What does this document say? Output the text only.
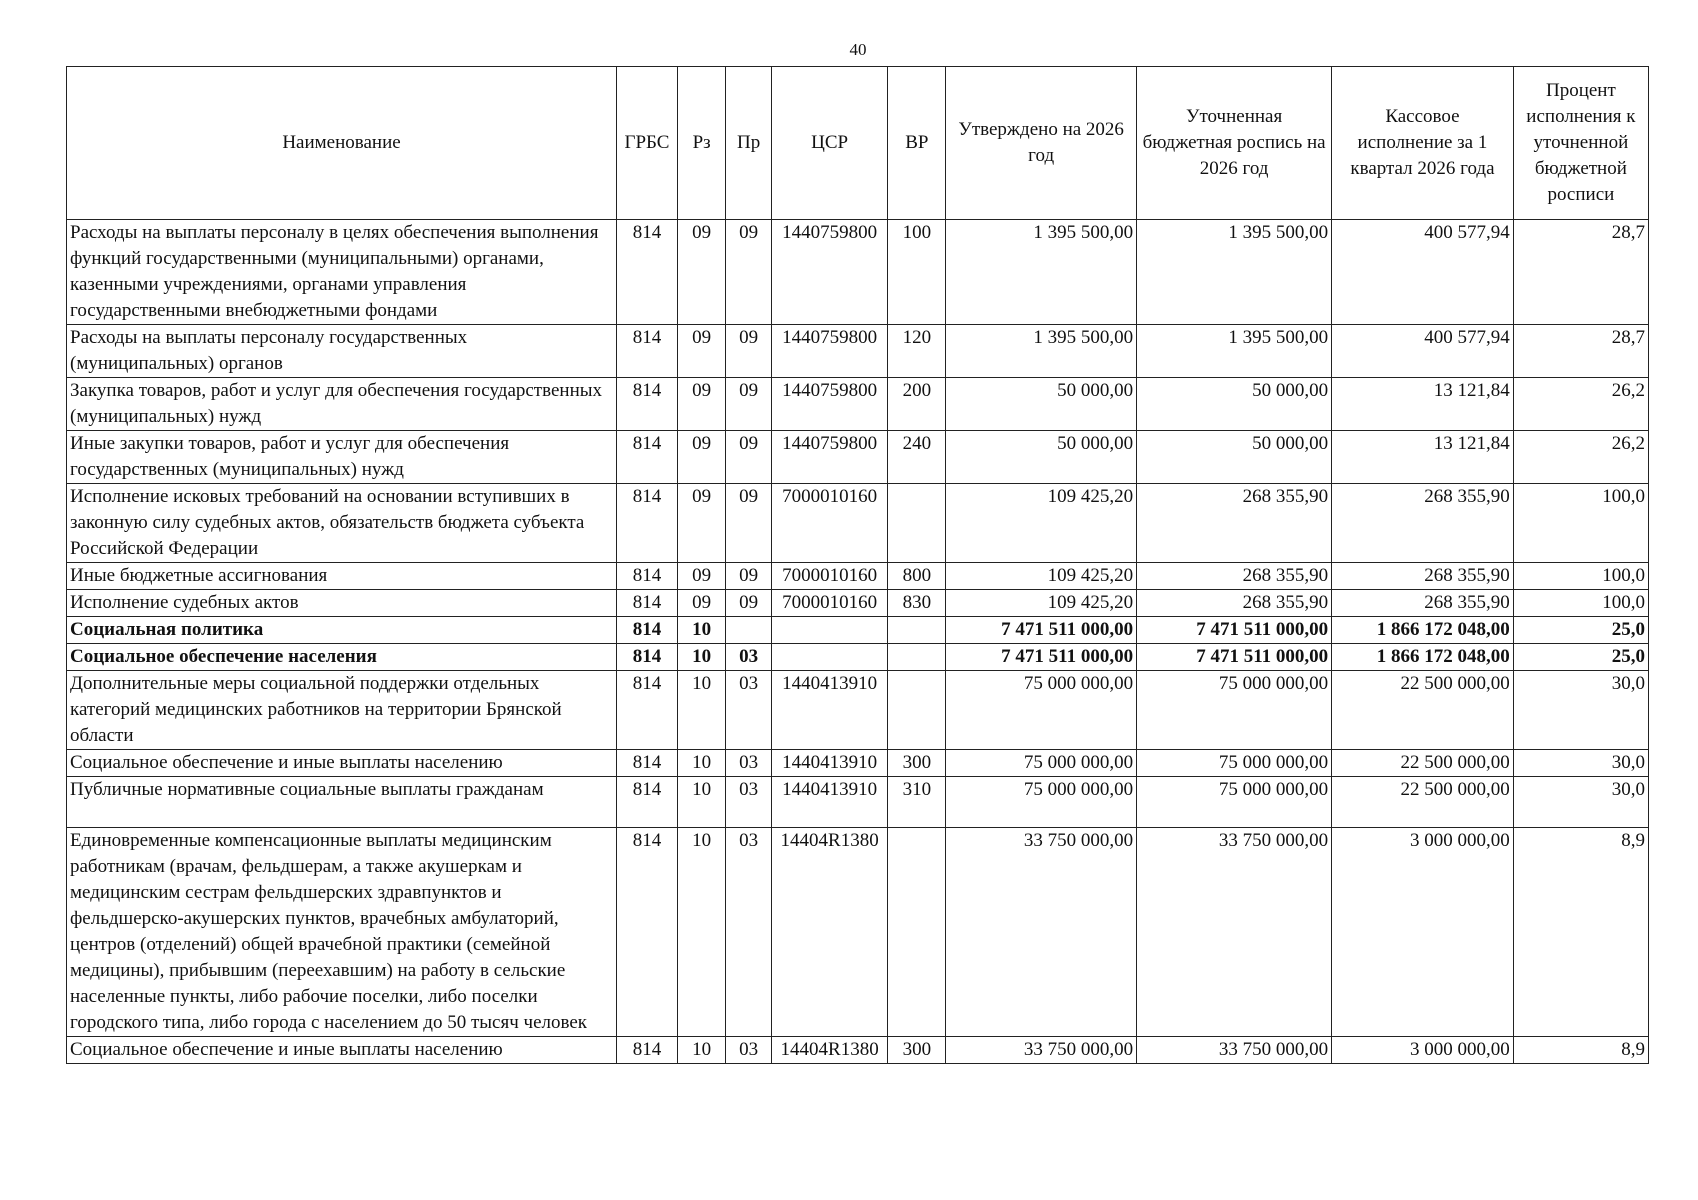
40
Наименование	ГРБС	Рз	Пр	ЦСР	ВР	Утверждено на 2026 год	Уточненная бюджетная роспись на 2026 год	Кассовое исполнение за 1 квартал 2026 года	Процент исполнения к уточненной бюджетной росписи
Расходы на выплаты персоналу в целях обеспечения выполнения функций государственными (муниципальными) органами, казенными учреждениями, органами управления государственными внебюджетными фондами	814	09	09	1440759800	100	1 395 500,00	1 395 500,00	400 577,94	28,7
Расходы на выплаты персоналу государственных (муниципальных) органов	814	09	09	1440759800	120	1 395 500,00	1 395 500,00	400 577,94	28,7
Закупка товаров, работ и услуг для обеспечения государственных (муниципальных) нужд	814	09	09	1440759800	200	50 000,00	50 000,00	13 121,84	26,2
Иные закупки товаров, работ и услуг для обеспечения государственных (муниципальных) нужд	814	09	09	1440759800	240	50 000,00	50 000,00	13 121,84	26,2
Исполнение исковых требований на основании вступивших в законную силу судебных актов, обязательств бюджета субъекта Российской Федерации	814	09	09	7000010160		109 425,20	268 355,90	268 355,90	100,0
Иные бюджетные ассигнования	814	09	09	7000010160	800	109 425,20	268 355,90	268 355,90	100,0
Исполнение судебных актов	814	09	09	7000010160	830	109 425,20	268 355,90	268 355,90	100,0
Социальная политика	814	10				7 471 511 000,00	7 471 511 000,00	1 866 172 048,00	25,0
Социальное обеспечение населения	814	10	03			7 471 511 000,00	7 471 511 000,00	1 866 172 048,00	25,0
Дополнительные меры социальной поддержки отдельных категорий медицинских работников на территории Брянской области	814	10	03	1440413910		75 000 000,00	75 000 000,00	22 500 000,00	30,0
Социальное обеспечение и иные выплаты населению	814	10	03	1440413910	300	75 000 000,00	75 000 000,00	22 500 000,00	30,0
Публичные нормативные социальные выплаты гражданам	814	10	03	1440413910	310	75 000 000,00	75 000 000,00	22 500 000,00	30,0
Единовременные компенсационные выплаты медицинским работникам (врачам, фельдшерам, а также акушеркам и медицинским сестрам фельдшерских здравпунктов и фельдшерско-акушерских пунктов, врачебных амбулаторий, центров (отделений) общей врачебной практики (семейной медицины), прибывшим (переехавшим) на работу в сельские населенные пункты, либо рабочие поселки, либо поселки городского типа, либо города с населением до 50 тысяч человек	814	10	03	14404R1380		33 750 000,00	33 750 000,00	3 000 000,00	8,9
Социальное обеспечение и иные выплаты населению	814	10	03	14404R1380	300	33 750 000,00	33 750 000,00	3 000 000,00	8,9
